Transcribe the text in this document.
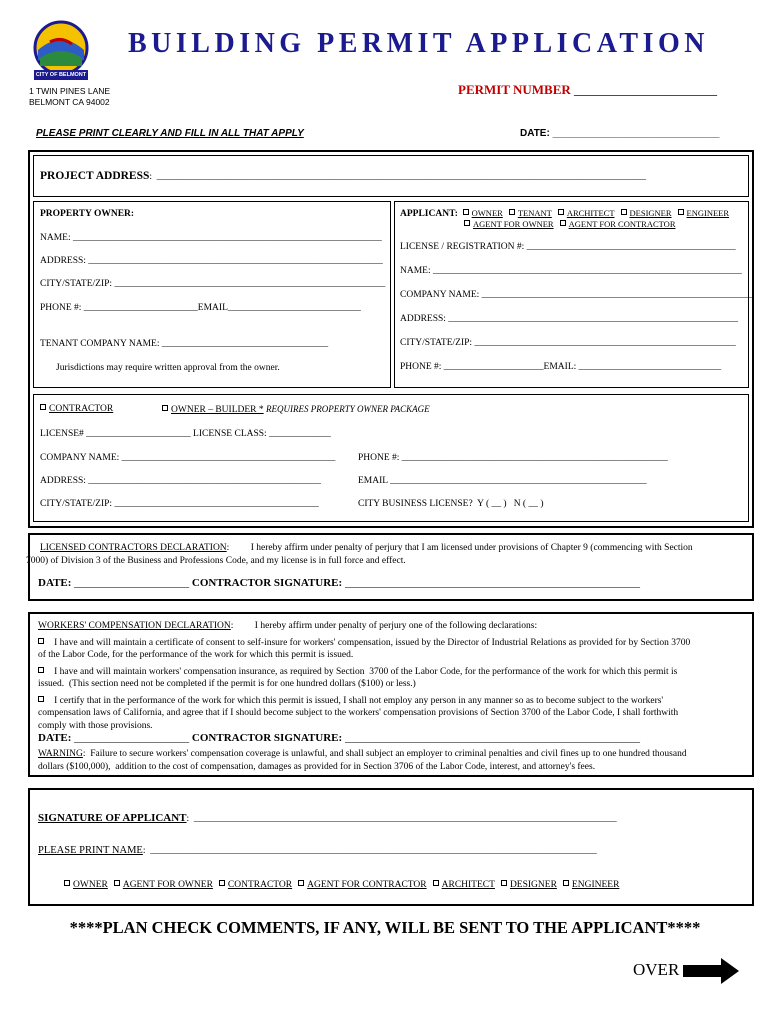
CITY OF BELMONT
BUILDING PERMIT APPLICATION
1 TWIN PINES LANE
BELMONT CA 94002
PERMIT NUMBER ______________________
PLEASE PRINT CLEARLY AND FILL IN ALL THAT APPLY	DATE: ______________________________
PROJECT ADDRESS:  _______________________________________________________________________________________________________
PROPERTY OWNER:
NAME: _________________________________________________________________
ADDRESS: ______________________________________________________________
CITY/STATE/ZIP: _________________________________________________________
PHONE #: ________________________EMAIL____________________________
TENANT COMPANY NAME: ___________________________________
Jurisdictions may require written approval from the owner.
APPLICANT: OWNER TENANT ARCHITECT DESIGNER ENGINEER
AGENT FOR OWNER AGENT FOR CONTRACTOR
LICENSE / REGISTRATION #: ____________________________________________
NAME: _________________________________________________________________
COMPANY NAME: _________________________________________________________
ADDRESS: _____________________________________________________________
CITY/STATE/ZIP: _______________________________________________________
PHONE #: _____________________EMAIL: ______________________________
CONTRACTOR	OWNER – BUILDER * REQUIRES PROPERTY OWNER PACKAGE
LICENSE# ______________________ LICENSE CLASS: _____________
COMPANY NAME: _____________________________________________ PHONE #: ________________________________________________________
ADDRESS: _________________________________________________	EMAIL ______________________________________________________
CITY/STATE/ZIP: ___________________________________________	CITY BUSINESS LICENSE?  Y ( __ )   N ( __ )
LICENSED CONTRACTORS DECLARATION:         I hereby affirm under penalty of perjury that I am licensed under provisions of Chapter 9 (commencing with Section
7000) of Division 3 of the Business and Professions Code, and my license is in full force and effect.
DATE: _______________________ CONTRACTOR SIGNATURE: ___________________________________________________________
WORKERS' COMPENSATION DECLARATION:         I hereby affirm under penalty of perjury one of the following declarations:
I have and will maintain a certificate of consent to self-insure for workers' compensation, issued by the Director of Industrial Relations as provided for by Section 3700
of the Labor Code, for the performance of the work for which this permit is issued.
I have and will maintain workers' compensation insurance, as required by Section  3700 of the Labor Code, for the performance of the work for which this permit is
issued.  (This section need not be completed if the permit is for one hundred dollars ($100) or less.)
I certify that in the performance of the work for which this permit is issued, I shall not employ any person in any manner so as to become subject to the workers'
compensation laws of California, and agree that if I should become subject to the workers' compensation provisions of Section 3700 of the Labor Code, I shall forthwith
comply with those provisions.
DATE: _______________________ CONTRACTOR SIGNATURE: ___________________________________________________________
WARNING:  Failure to secure workers' compensation coverage is unlawful, and shall subject an employer to criminal penalties and civil fines up to one hundred thousand
dollars ($100,000),  addition to the cost of compensation, damages as provided for in Section 3706 of the Labor Code, interest, and attorney's fees.
SIGNATURE OF APPLICANT:  _________________________________________________________________________________________
PLEASE PRINT NAME:  ______________________________________________________________________________________________
OWNER AGENT FOR OWNER CONTRACTOR AGENT FOR CONTRACTOR ARCHITECT DESIGNER ENGINEER
****PLAN CHECK COMMENTS, IF ANY, WILL BE SENT TO THE APPLICANT****
OVER
